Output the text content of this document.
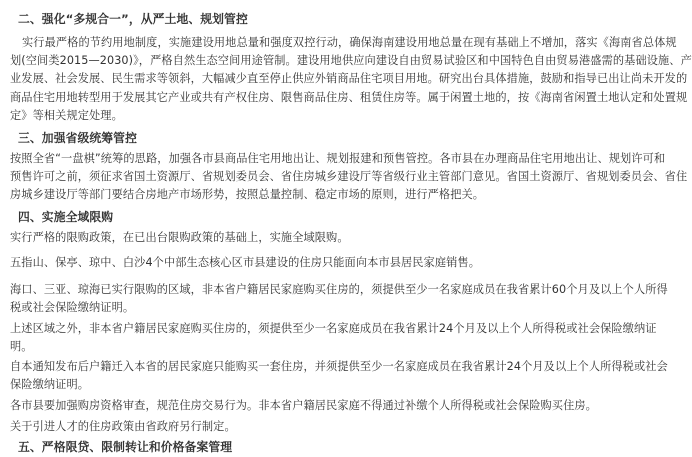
二、强化“多规合一”，从严土地、规划管控
实行最严格的节约用地制度，实施建设用地总量和强度双控行动，确保海南建设用地总量在现有基础上不增加，落实《海南省总体规
划(空间类2015—2030)》，严格自然生态空间用途管制。建设用地供应向建设自由贸易试验区和中国特色自由贸易港盛需的基础设施、产
业发展、社会发展、民生需求等领斜，大幅减少直至停止供应外销商品住宅项目用地。研究出台具体措施，鼓励和指导已出让尚未开发的
商品住宅用地转型用于发展其它产业或共有产权住房、限售商品住房、租赁住房等。属于闲置土地的，按《海南省闲置土地认定和处置规
定》等相关规定处理。
三、加强省级统筹管控
按照全省“一盘棋”统筹的思路，加强各市县商品住宅用地出让、规划报建和预售管控。各市县在办理商品住宅用地出让、规划许可和
预售许可之前，须征求省国土资源厅、省规划委员会、省住房城乡建设厅等省级行业主管部门意见。省国土资源厅、省规划委员会、省住
房城乡建设厅等部门要结合房地产市场形势，按照总量控制、稳定市场的原则，进行严格把关。
四、实施全域限购
实行严格的限购政策，在已出台限购政策的基础上，实施全域限购。
五指山、保亭、琼中、白沙4个中部生态核心区市县建设的住房只能面向本市县居民家庭销售。
海口、三亚、琼海已实行限购的区域，非本省户籍居民家庭购买住房的，须提供至少一名家庭成员在我省累计60个月及以上个人所得
税或社会保险缴纳证明。
上述区域之外，非本省户籍居民家庭购买住房的，须提供至少一名家庭成员在我省累计24个月及以上个人所得税或社会保险缴纳证
明。
自本通知发布后户籍迁入本省的居民家庭只能购买一套住房，并须提供至少一名家庭成员在我省累计24个月及以上个人所得税或社会
保险缴纳证明。
各市县要加强购房资格审查，规范住房交易行为。非本省户籍居民家庭不得通过补缴个人所得税或社会保险购买住房。
关于引进人才的住房政策由省政府另行制定。
五、严格限贷、限制转让和价格备案管理
